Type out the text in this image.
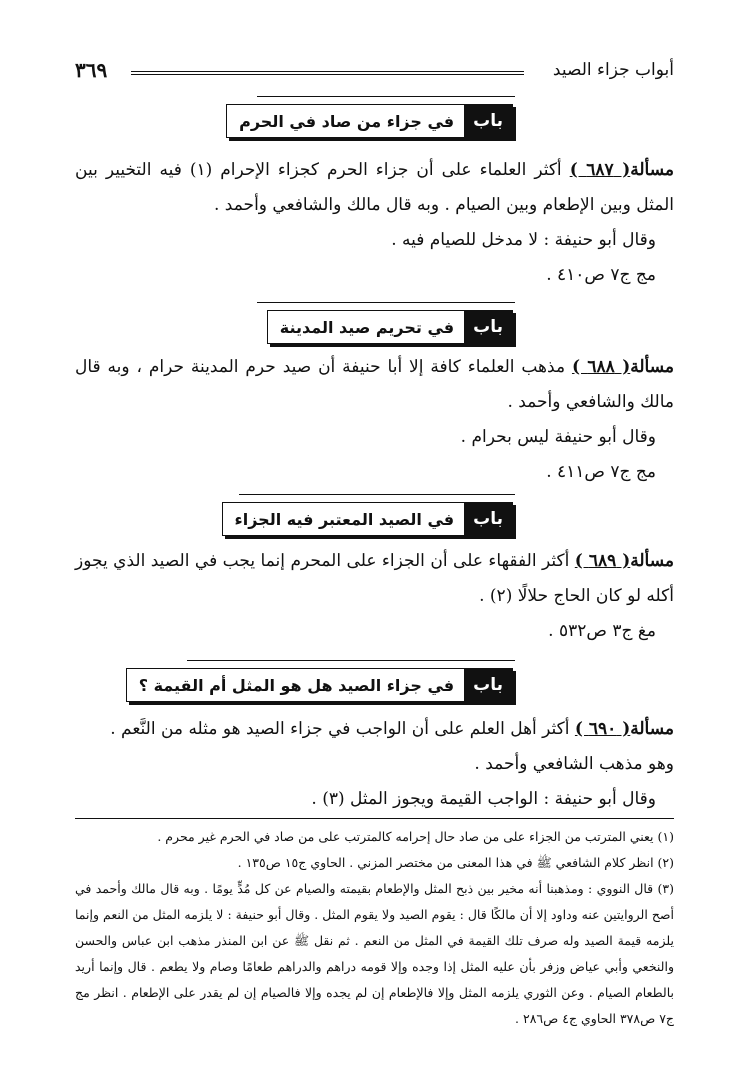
أبواب جزاء الصيد
٣٦٩
باب
في جزاء من صاد في الحرم

مسألة( ٦٨٧ ) أكثر العلماء على أن جزاء الحرم كجزاء الإحرام (١) فيه التخيير بين المثل وبين الإطعام وبين الصيام . وبه قال مالك والشافعي وأحمد .

وقال أبو حنيفة : لا مدخل للصيام فيه .

مج ج٧ ص٤١٠ .

باب
في تحريم صيد المدينة

مسألة( ٦٨٨ ) مذهب العلماء كافة إلا أبا حنيفة أن صيد حرم المدينة حرام ، وبه قال مالك والشافعي وأحمد .

وقال أبو حنيفة ليس بحرام .

مج ج٧ ص٤١١ .

باب
في الصيد المعتبر فيه الجزاء

مسألة( ٦٨٩ ) أكثر الفقهاء على أن الجزاء على المحرم إنما يجب في الصيد الذي يجوز أكله لو كان الحاج حلالًا (٢) .

مغ ج٣ ص٥٣٢ .

باب
في جزاء الصيد هل هو المثل أم القيمة ؟

مسألة( ٦٩٠ ) أكثر أهل العلم على أن الواجب في جزاء الصيد هو مثله من النَّعم .

وهو مذهب الشافعي وأحمد .

وقال أبو حنيفة : الواجب القيمة ويجوز المثل (٣) .

(١) يعني المترتب من الجزاء على من صاد حال إحرامه كالمترتب على من صاد في الحرم غير محرم .

(٢) انظر كلام الشافعي ﷺ في هذا المعنى من مختصر المزني . الحاوي ج١٥ ص١٣٥ .

(٣) قال النووي : ومذهبنا أنه مخير بين ذبح المثل والإطعام بقيمته والصيام عن كل مُدٍّ يومًا . وبه قال مالك وأحمد في أصح الروايتين عنه وداود إلا أن مالكًا قال : يقوم الصيد ولا يقوم المثل . وقال أبو حنيفة : لا يلزمه المثل من النعم وإنما يلزمه قيمة الصيد وله صرف تلك القيمة في المثل من النعم . ثم نقل ﷺ عن ابن المنذر مذهب ابن عباس والحسن والنخعي وأبي عياض وزفر بأن عليه المثل إذا وجده وإلا قومه دراهم والدراهم طعامًا وصام ولا يطعم . قال وإنما أريد بالطعام الصيام . وعن الثوري يلزمه المثل وإلا فالإطعام إن لم يجده وإلا فالصيام إن لم يقدر على الإطعام . انظر مج ج٧ ص٣٧٨ الحاوي ج٤ ص٢٨٦ .
